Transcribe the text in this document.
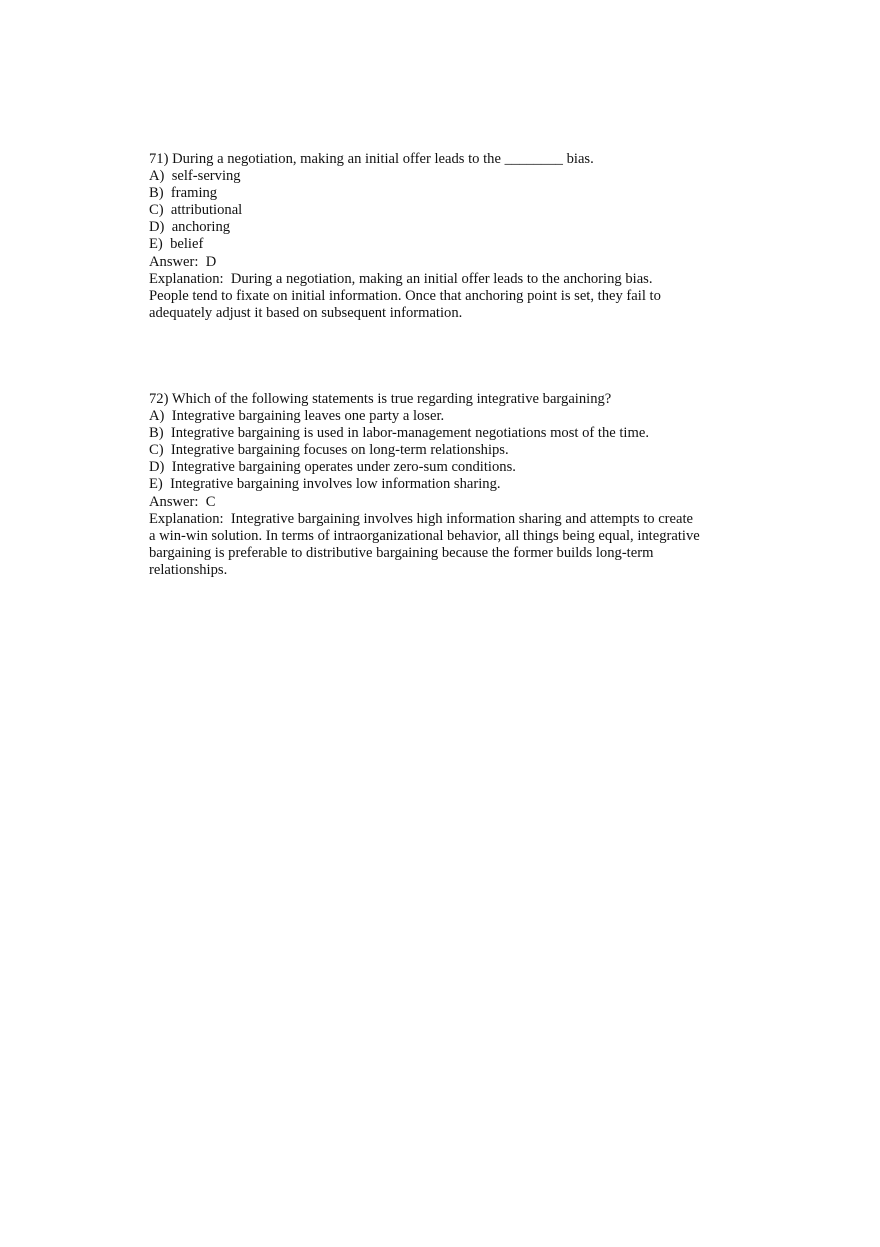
71) During a negotiation, making an initial offer leads to the ________ bias.
A) self-serving
B) framing
C) attributional
D) anchoring
E) belief
Answer: D
Explanation: During a negotiation, making an initial offer leads to the anchoring bias.
People tend to fixate on initial information. Once that anchoring point is set, they fail to
adequately adjust it based on subsequent information.
72) Which of the following statements is true regarding integrative bargaining?
A) Integrative bargaining leaves one party a loser.
B) Integrative bargaining is used in labor-management negotiations most of the time.
C) Integrative bargaining focuses on long-term relationships.
D) Integrative bargaining operates under zero-sum conditions.
E) Integrative bargaining involves low information sharing.
Answer: C
Explanation: Integrative bargaining involves high information sharing and attempts to create
a win-win solution. In terms of intraorganizational behavior, all things being equal, integrative
bargaining is preferable to distributive bargaining because the former builds long-term
relationships.
